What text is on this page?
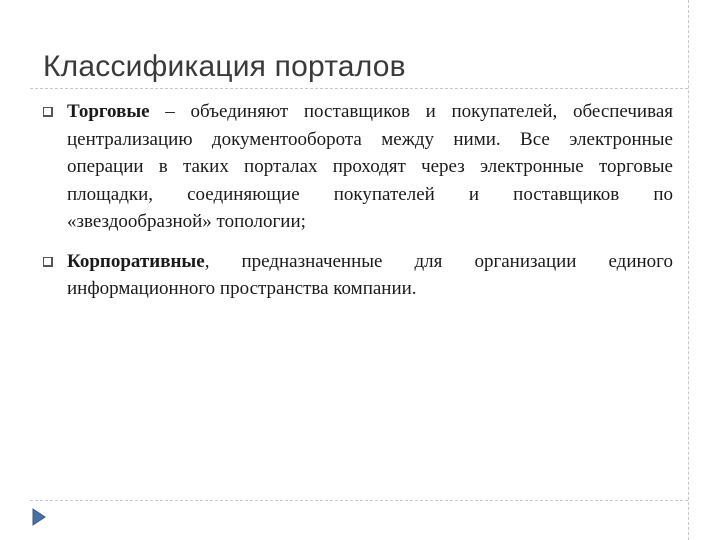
Классификация порталов
Торговые – объединяют поставщиков и покупателей, обеспечивая централизацию документооборота между ними. Все электронные операции в таких порталах проходят через электронные торговые площадки, соединяющие покупателей и поставщиков по «звездообразной» топологии;
Корпоративные, предназначенные для организации единого информационного пространства компании.
